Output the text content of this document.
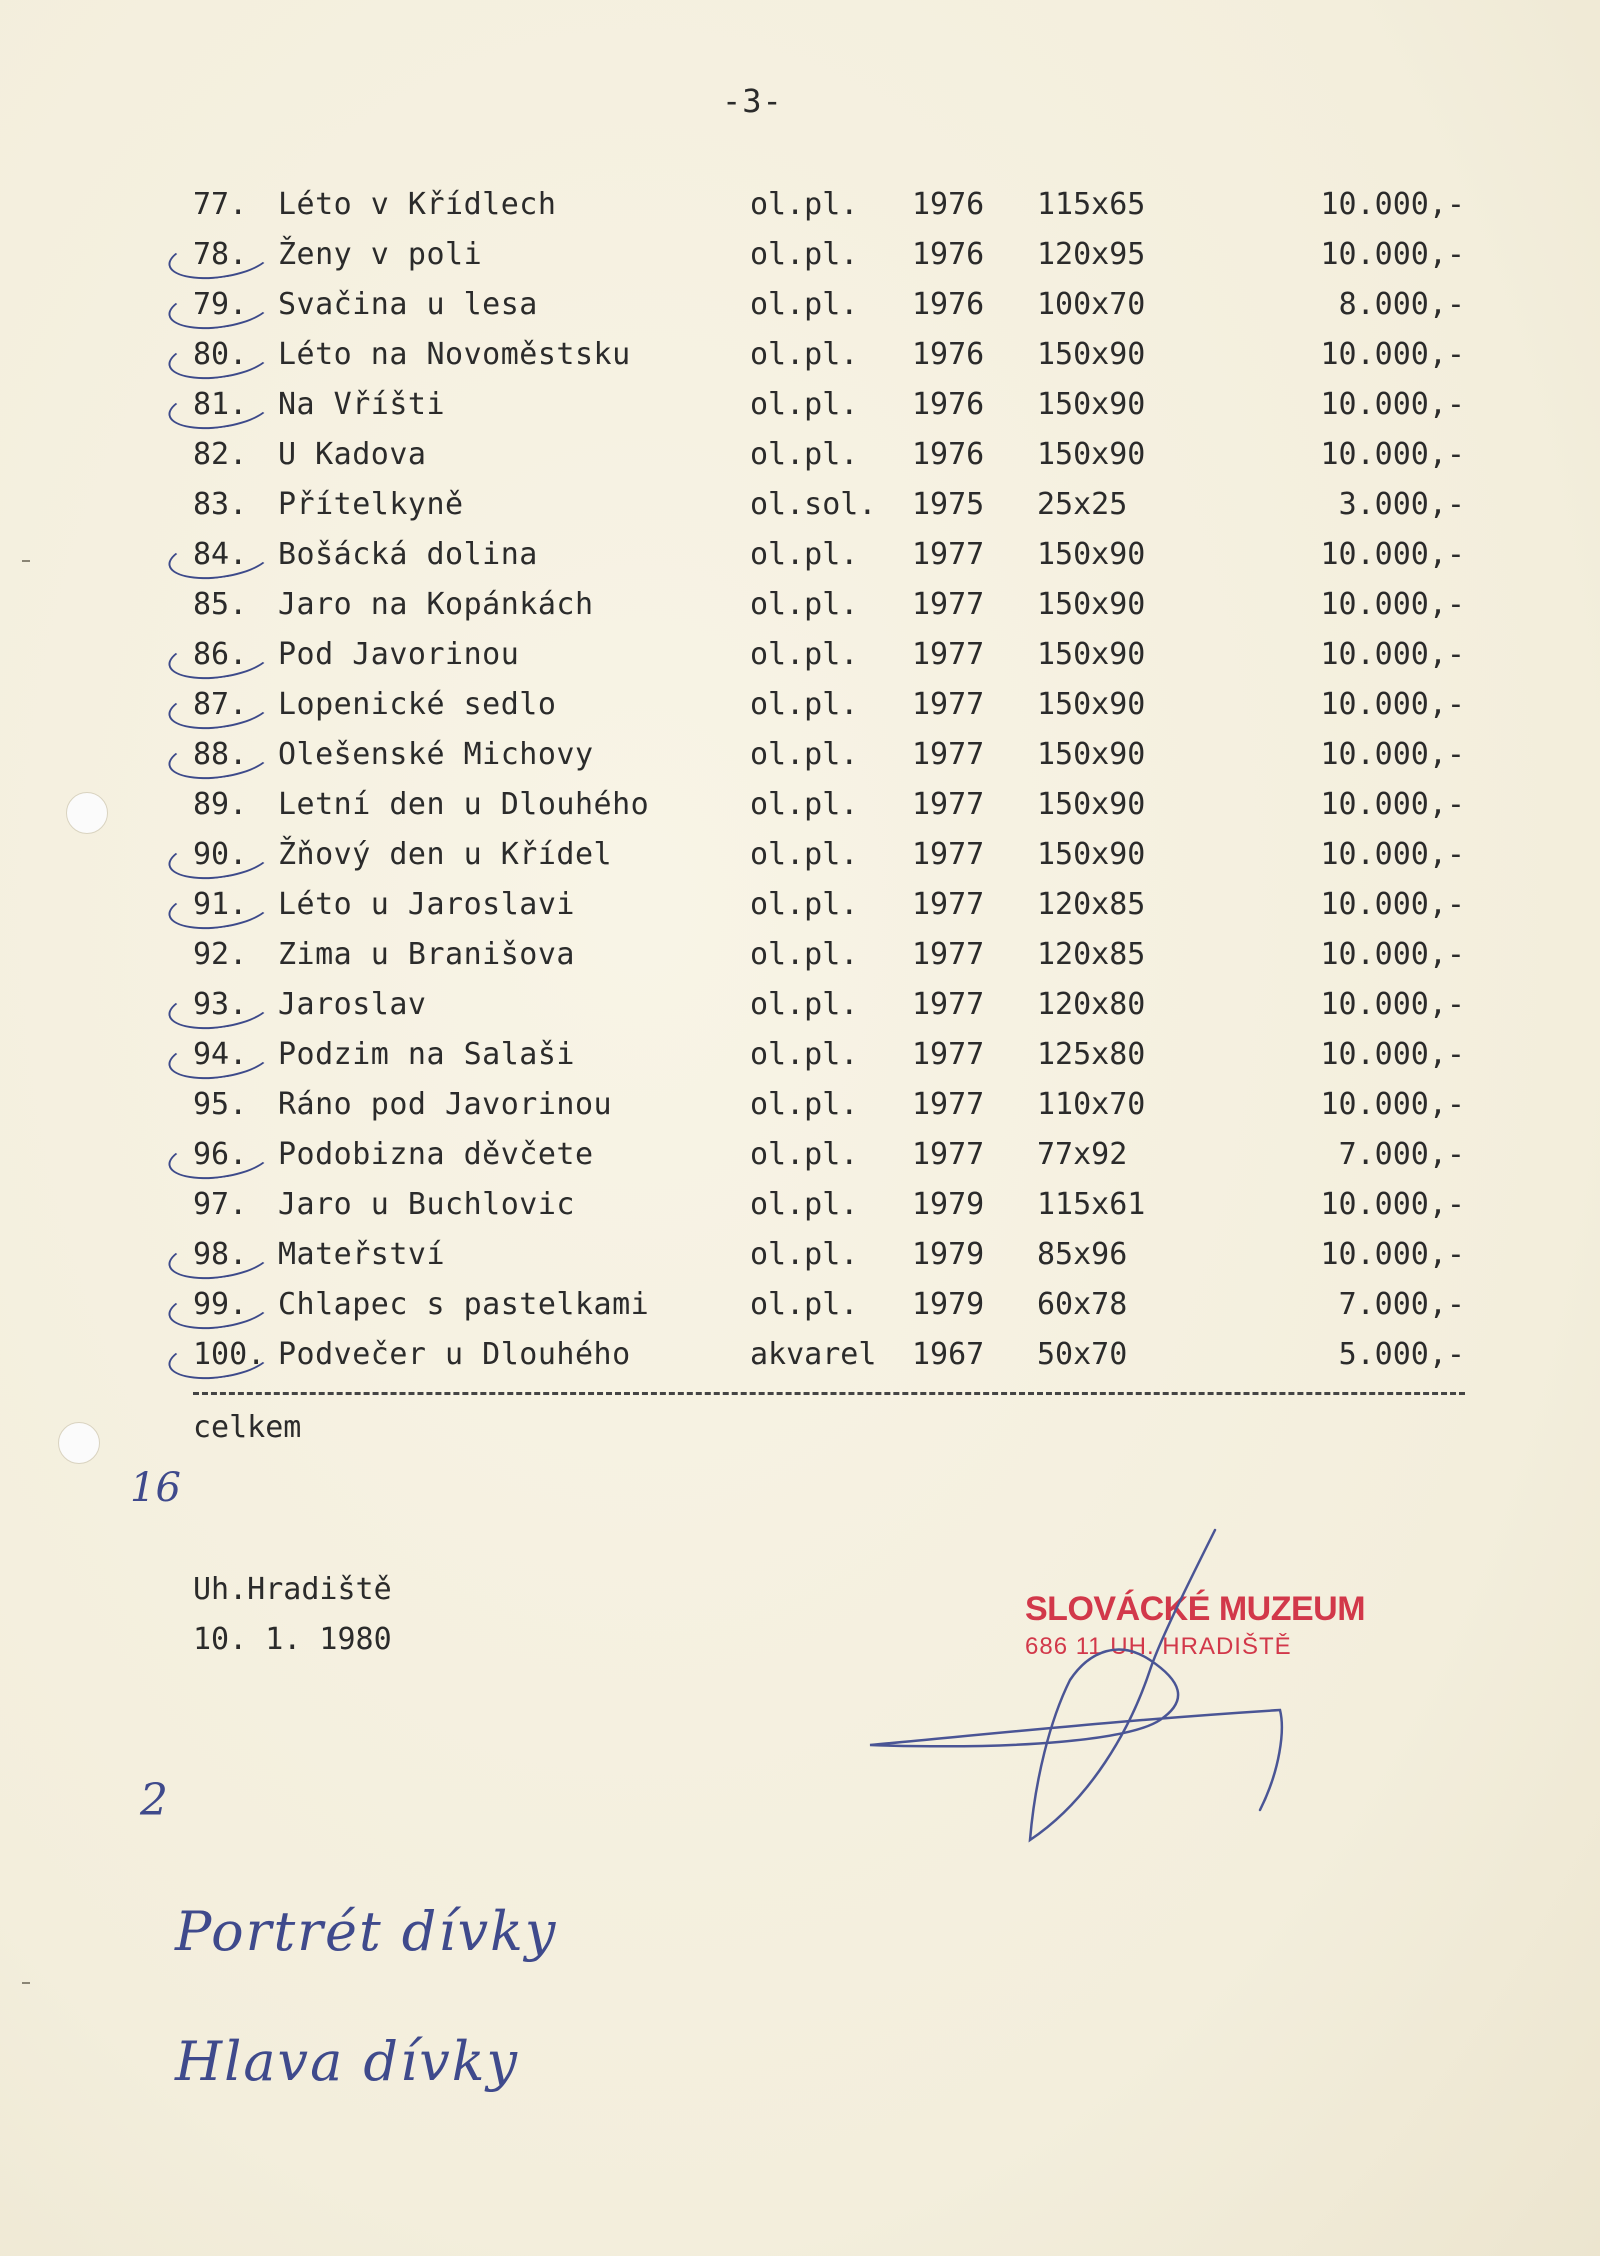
-3-
77. Léto v Křídlech	ol.pl. 1976 115x65	10.000,-
78. Ženy v poli	ol.pl. 1976 120x95	10.000,-
79. Svačina u lesa	ol.pl. 1976 100x70	8.000,-
80. Léto na Novoměstsku	ol.pl. 1976 150x90	10.000,-
81. Na Vříšti	ol.pl. 1976 150x90	10.000,-
82. U Kadova	ol.pl. 1976 150x90	10.000,-
83. Přítelkyně	ol.sol. 1975 25x25	3.000,-
84. Bošácká dolina	ol.pl. 1977 150x90	10.000,-
85. Jaro na Kopánkách	ol.pl. 1977 150x90	10.000,-
86. Pod Javorinou	ol.pl. 1977 150x90	10.000,-
87. Lopenické sedlo	ol.pl. 1977 150x90	10.000,-
88. Olešenské Michovy	ol.pl. 1977 150x90	10.000,-
89. Letní den u Dlouhého	ol.pl. 1977 150x90	10.000,-
90. Žňový den u Křídel	ol.pl. 1977 150x90	10.000,-
91. Léto u Jaroslavi	ol.pl. 1977 120x85	10.000,-
92. Zima u Branišova	ol.pl. 1977 120x85	10.000,-
93. Jaroslav	ol.pl. 1977 120x80	10.000,-
94. Podzim na Salaši	ol.pl. 1977 125x80	10.000,-
95. Ráno pod Javorinou	ol.pl. 1977 110x70	10.000,-
96. Podobizna děvčete	ol.pl. 1977 77x92	7.000,-
97. Jaro u Buchlovic	ol.pl. 1979 115x61	10.000,-
98. Mateřství	ol.pl. 1979 85x96	10.000,-
99. Chlapec s pastelkami	ol.pl. 1979 60x78	7.000,-
100. Podvečer u Dlouhého	akvarel 1967 50x70	5.000,-
celkem
16
Uh.Hradiště
10. 1. 1980
SLOVÁCKÉ MUZEUM
686 11 UH. HRADIŠTĚ
2
Portrét dívky
Hlava dívky
